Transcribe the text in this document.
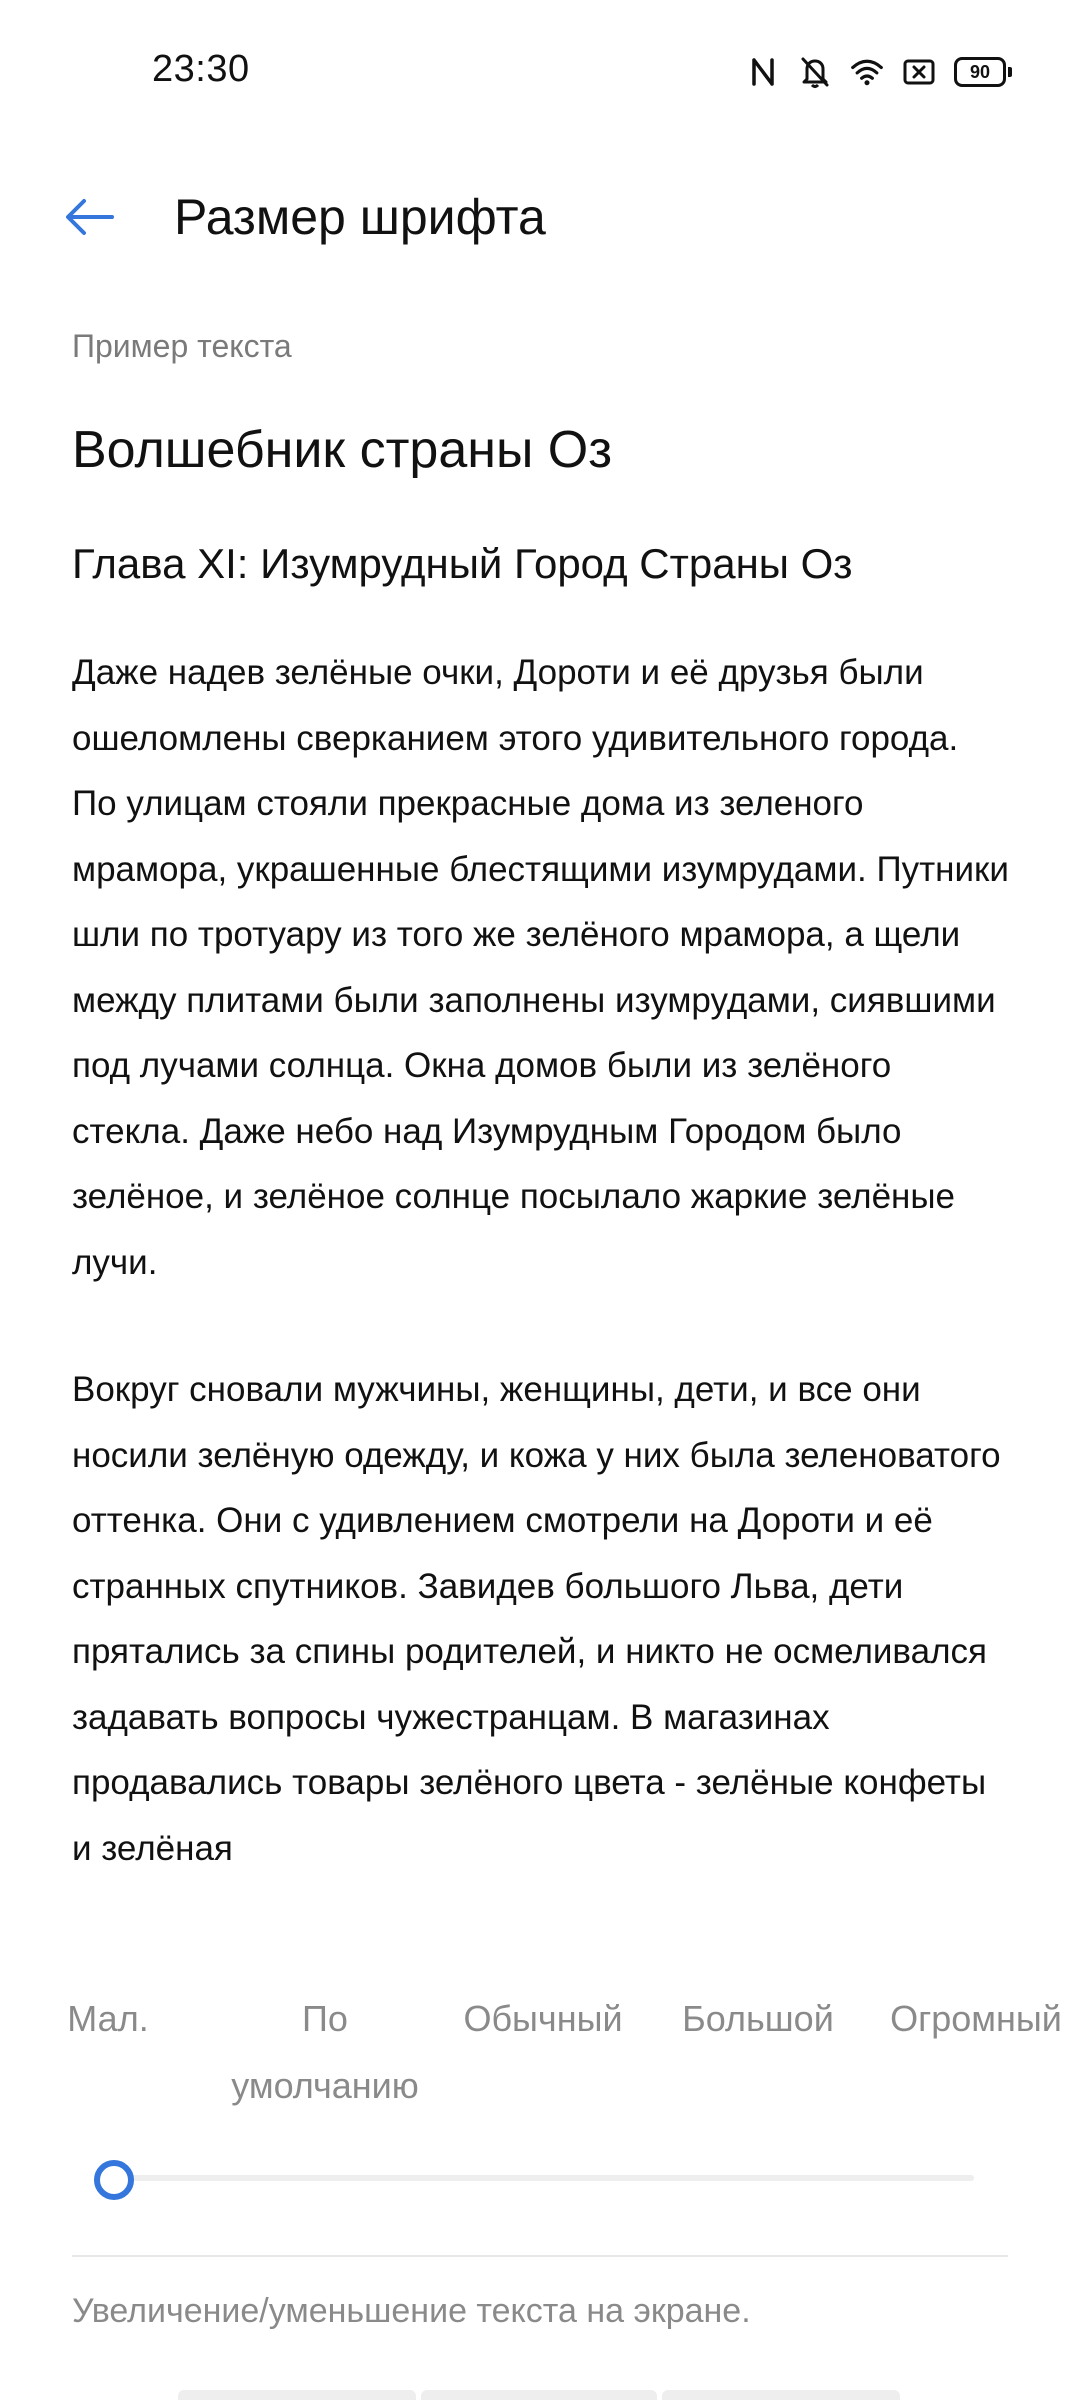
23:30	90
Размер шрифта
Пример текста
Волшебник страны Оз
Глава XI: Изумрудный Город Страны Оз

Даже надев зелёные очки, Дороти и её друзья были ошеломлены сверканием этого удивительного города. По улицам стояли прекрасные дома из зеленого мрамора, украшенные блестящими изумрудами. Путники шли по тротуару из того же зелёного мрамора, а щели между плитами были заполнены изумрудами, сиявшими под лучами солнца. Окна домов были из зелёного стекла. Даже небо над Изумрудным Городом было зелёное, и зелёное солнце посылало жаркие зелёные лучи.

Вокруг сновали мужчины, женщины, дети, и все они носили зелёную одежду, и кожа у них была зеленоватого оттенка. Они с удивлением смотрели на Дороти и её странных спутников. Завидев большого Льва, дети прятались за спины родителей, и никто не осмеливался задавать вопросы чужестранцам. В магазинах продавались товары зелёного цвета - зелёные конфеты и зелёная

Мал.	По умолчанию
Обычный	Большой	Огромный
Увеличение/уменьшение текста на экране.
